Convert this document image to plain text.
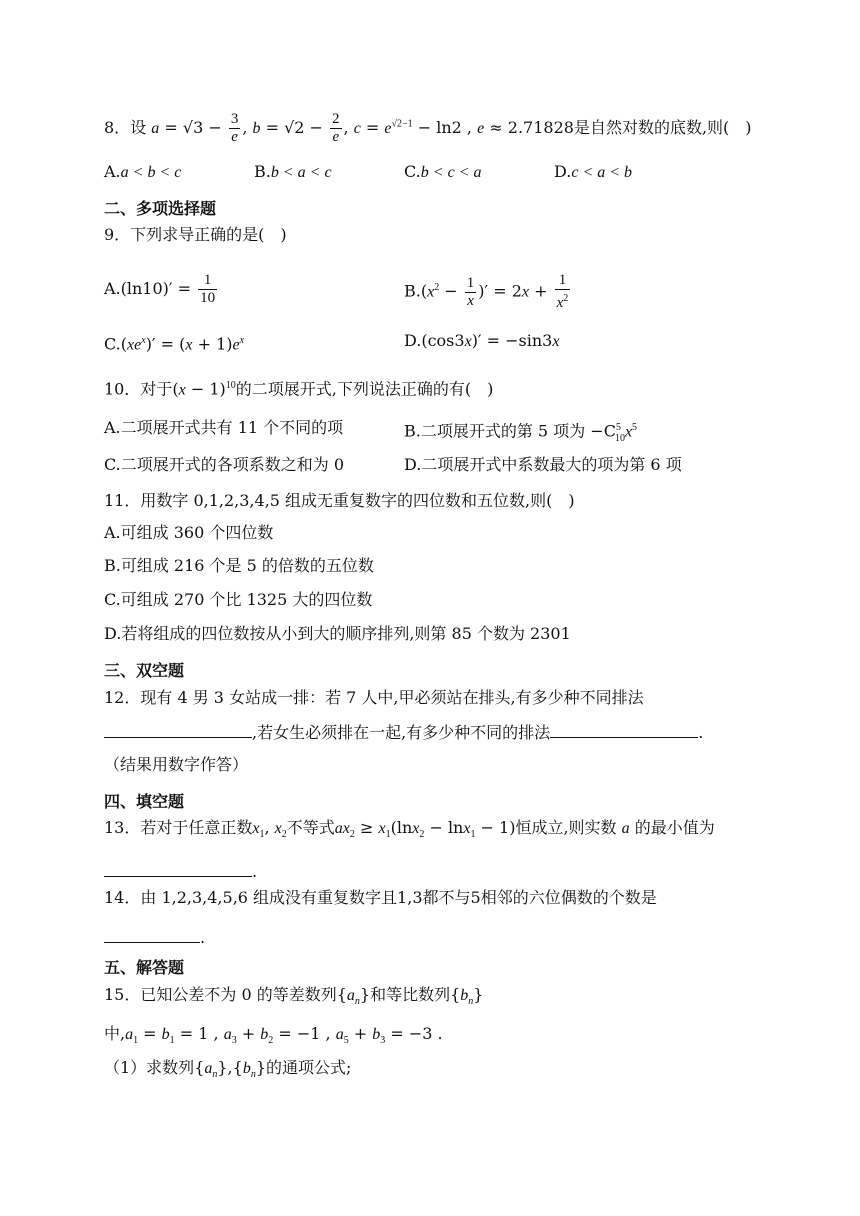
8．设 $a = √3 - \frac{3}{e}$ , $b = √2 - \frac{2}{e}$ , $c = e^{√2-1} - \ln 2$ , e ≈ 2.71828是自然对数的底数,则(　)
A.a < b < c	B.b < a < c	C.b < c < a	D.c < a < b
二、多项选择题
9．下列求导正确的是(　)
$A.(\ln 10)' = \frac{1}{10}$	$B.(x^2 - \frac{1}{x}$ )′ = $2x + \frac{1}{x^2}$
$C.(xe^x)' = (x + 1)e^x$	D.(cos3x)′ = −sin3x
10．对于$(x - 1)^{10}$的二项展开式,下列说法正确的有(　)
A.二项展开式共有 11 个不同的项	B.二项展开式的第 5 项为 $-C^5_{10}x^5$
C.二项展开式的各项系数之和为 0	D.二项展开式中系数最大的项为第 6 项
11．用数字 0,1,2,3,4,5 组成无重复数字的四位数和五位数,则(　)
A.可组成 360 个四位数
B.可组成 216 个是 5 的倍数的五位数
C.可组成 270 个比 1325 大的四位数
D.若将组成的四位数按从小到大的顺序排列,则第 85 个数为 2301
三、双空题
12．现有 4 男 3 女站成一排：若 7 人中,甲必须站在排头,有多少种不同排法
,若女生必须排在一起,有多少种不同的排法	.
（结果用数字作答）
四、填空题
13．若对于任意正数$x_1$, $x_2$不等式$ax_2 \ge x_1(\ln x_2 - \ln x_1 - 1)$恒成立,则实数 a 的最小值为
.
14．由 1,2,3,4,5,6 组成没有重复数字且1,3都不与5相邻的六位偶数的个数是
.
五、解答题
15．已知公差不为 0 的等差数列$\{a_n\}$和等比数列$\{b_n\}$
中$,a_1 = b_1 = 1$ , $a_3 + b_2 = -1$ , $a_5 + b_3 = -3$ .
（1）求数列$\{a_n\},\{b_n\}$的通项公式;
